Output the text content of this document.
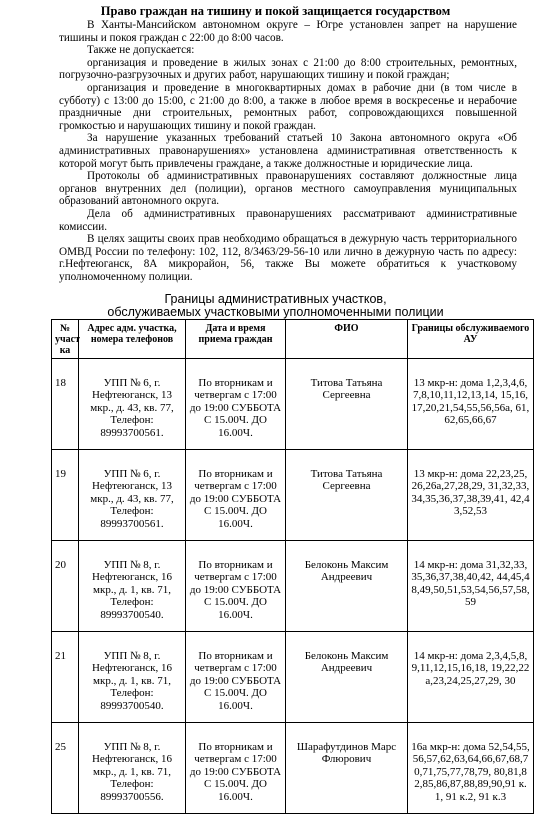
Право граждан на тишину и покой защищается государством

В Ханты-Мансийском автономном округе – Югре установлен запрет на нарушение тишины и покоя граждан с 22:00 до 8:00 часов.

Также не допускается:

организация и проведение в жилых зонах с 21:00 до 8:00 строительных, ремонтных, погрузочно-разгрузочных и других работ, нарушающих тишину и покой граждан;

организация и проведение в многоквартирных домах в рабочие дни (в том числе в субботу) с 13:00 до 15:00, с 21:00 до 8:00, а также в любое время в воскресенье и нерабочие праздничные дни строительных, ремонтных работ, сопровождающихся повышенной громкостью и нарушающих тишину и покой граждан.

За нарушение указанных требований статьей 10 Закона автономного округа «Об административных правонарушениях» установлена административная ответственность к которой могут быть привлечены граждане, а также должностные и юридические лица.

Протоколы об административных правонарушениях составляют должностные лица органов внутренних дел (полиции), органов местного самоуправления муниципальных образований автономного округа.

Дела об административных правонарушениях рассматривают административные комиссии.

В целях защиты своих прав необходимо обращаться в дежурную часть территориального ОМВД России по телефону: 102, 112, 8/3463/29-56-10 или лично в дежурную часть по адресу: г.Нефтеюганск, 8А микрорайон, 56, также Вы можете обратиться к участковому уполномоченному полиции.

Границы административных участков,
обслуживаемых участковыми уполномоченными полиции
№ участ ка	Адрес адм. участка, номера телефонов	Дата и время приема граждан	ФИО	Границы обслуживаемого АУ
18	УПП № 6, г. Нефтеюганск, 13 мкр., д. 43, кв. 77, Телефон: 89993700561.	По вторникам и четвергам с 17:00 до 19:00 СУББОТА С 15.00Ч. ДО 16.00Ч.	Титова Татьяна Сергеевна	13 мкр-н: дома 1,2,3,4,6,7,8,10,11,12,13,14, 15,16,17,20,21,54,55,56,56а, 61,62,65,66,67
19	УПП № 6, г. Нефтеюганск, 13 мкр., д. 43, кв. 77, Телефон: 89993700561.	По вторникам и четвергам с 17:00 до 19:00 СУББОТА С 15.00Ч. ДО 16.00Ч.	Титова Татьяна Сергеевна	13 мкр-н: дома 22,23,25,26,26а,27,28,29, 31,32,33,34,35,36,37,38,39,41, 42,43,52,53
20	УПП № 8, г. Нефтеюганск, 16 мкр., д. 1, кв. 71, Телефон: 89993700540.	По вторникам и четвергам с 17:00 до 19:00 СУББОТА С 15.00Ч. ДО 16.00Ч.	Белоконь Максим Андреевич	14 мкр-н: дома 31,32,33,35,36,37,38,40,42, 44,45,48,49,50,51,53,54,56,57,58,59
21	УПП № 8, г. Нефтеюганск, 16 мкр., д. 1, кв. 71, Телефон: 89993700540.	По вторникам и четвергам с 17:00 до 19:00 СУББОТА С 15.00Ч. ДО 16.00Ч.	Белоконь Максим Андреевич	14 мкр-н: дома 2,3,4,5,8,9,11,12,15,16,18, 19,22,22а,23,24,25,27,29, 30
25	УПП № 8, г. Нефтеюганск, 16 мкр., д. 1, кв. 71, Телефон: 89993700556.	По вторникам и четвергам с 17:00 до 19:00 СУББОТА С 15.00Ч. ДО 16.00Ч.	Шарафутдинов Марс Флюрович	16а мкр-н: дома 52,54,55,56,57,62,63,64,66,67,68,70,71,75,77,78,79, 80,81,82,85,86,87,88,89,90,91 к.1, 91 к.2, 91 к.3
